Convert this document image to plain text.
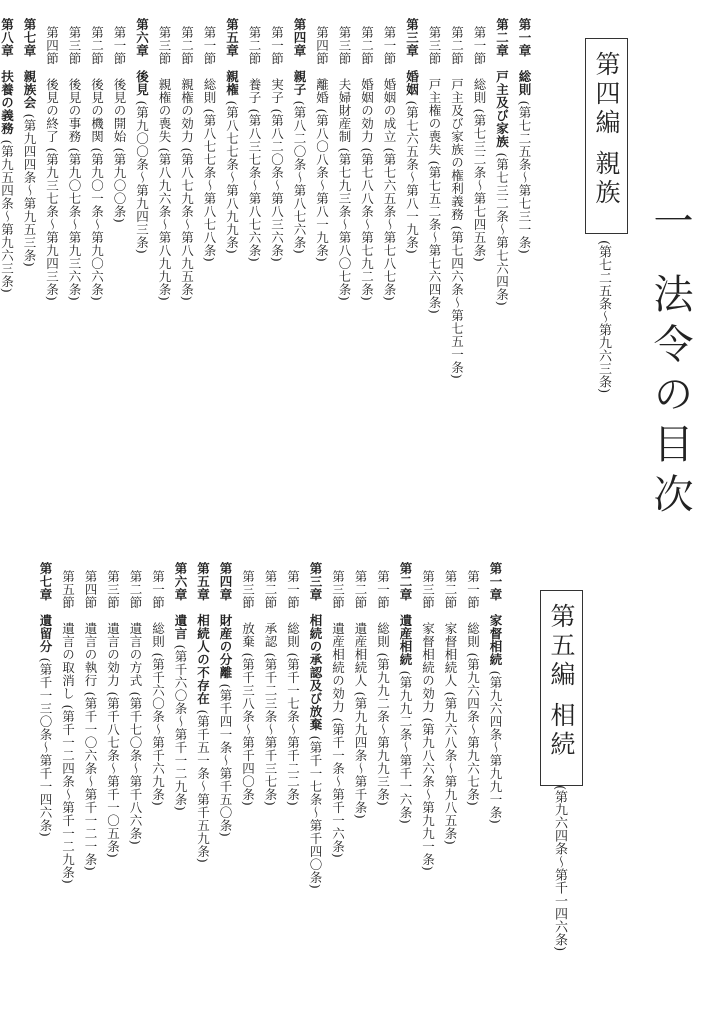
一 法令の目次
第四編 親族
(第七二五条～第九六三条)
第一章　総則 (第七二五条～第七三一条)
第二章　戸主及び家族 (第七三二条～第七六四条)
第一節　総則 (第七三二条～第七四五条)
第二節　戸主及び家族の権利義務 (第七四六条～第七五一条)
第三節　戸主権の喪失 (第七五二条～第七六四条)
第三章　婚姻 (第七六五条～第八一九条)
第一節　婚姻の成立 (第七六五条～第七八七条)
第二節　婚姻の効力 (第七八八条～第七九二条)
第三節　夫婦財産制 (第七九三条～第八〇七条)
第四節　離婚 (第八〇八条～第八一九条)
第四章　親子 (第八二〇条～第八七六条)
第一節　実子 (第八二〇条～第八三六条)
第二節　養子 (第八三七条～第八七六条)
第五章　親権 (第八七七条～第八九九条)
第一節　総則 (第八七七条～第八七八条)
第二節　親権の効力 (第八七九条～第八九五条)
第三節　親権の喪失 (第八九六条～第八九九条)
第六章　後見 (第九〇〇条～第九四三条)
第一節　後見の開始 (第九〇〇条)
第二節　後見の機関 (第九〇一条～第九〇六条)
第三節　後見の事務 (第九〇七条～第九三六条)
第四節　後見の終了 (第九三七条～第九四三条)
第七章　親族会 (第九四四条～第九五三条)
第八章　扶養の義務 (第九五四条～第九六三条)
第五編 相続
(第九六四条～第千一四六条)
第一章　家督相続 (第九六四条～第九九一条)
第一節　総則 (第九六四条～第九六七条)
第二節　家督相続人 (第九六八条～第九八五条)
第三節　家督相続の効力 (第九八六条～第九九一条)
第二章　遺産相続 (第九九二条～第千一六条)
第一節　総則 (第九九二条～第九九三条)
第二節　遺産相続人 (第九九四条～第千条)
第三節　遺産相続の効力 (第千一条～第千一六条)
第三章　相続の承認及び放棄 (第千一七条～第千四〇条)
第一節　総則 (第千一七条～第千二二条)
第二節　承認 (第千二三条～第千三七条)
第三節　放棄 (第千三八条～第千四〇条)
第四章　財産の分離 (第千四一条～第千五〇条)
第五章　相続人の不存在 (第千五一条～第千五九条)
第六章　遺言 (第千六〇条～第千一二九条)
第一節　総則 (第千六〇条～第千六九条)
第二節　遺言の方式 (第千七〇条～第千八六条)
第三節　遺言の効力 (第千八七条～第千一〇五条)
第四節　遺言の執行 (第千一〇六条～第千一二一条)
第五節　遺言の取消し (第千一二四条～第千一二九条)
第七章　遺留分 (第千一三〇条～第千一四六条)
